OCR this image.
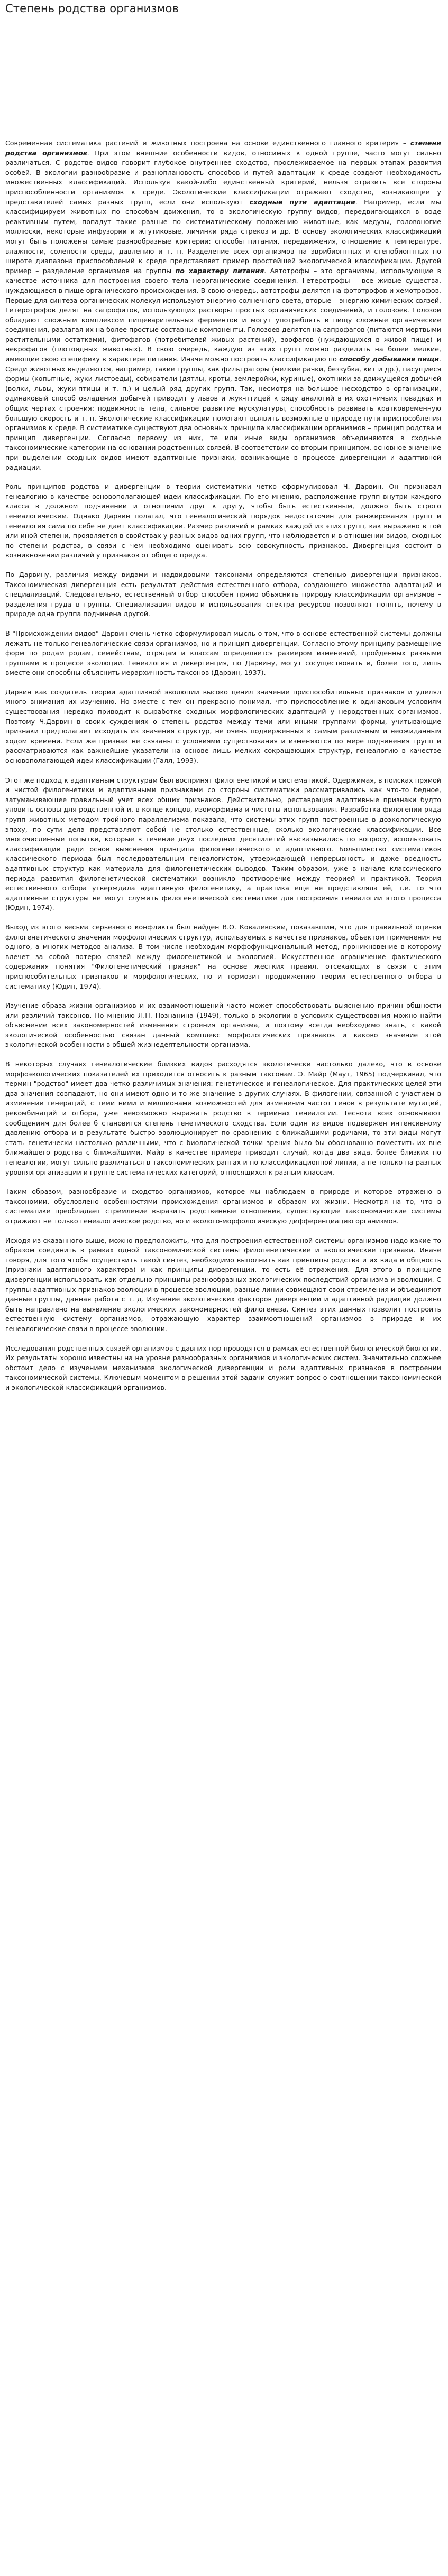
Степень родства организмов

Современная систематика растений и животных построена на основе единственного главного критерия – степени родства организмов. При этом внешние особенности видов, относимых к одной группе, часто могут сильно различаться. С родстве видов говорит глубокое внутреннее сходство, прослеживаемое на первых этапах развития особей. В экологии разнообразие и разноплановость способов и путей адаптации к среде создают необходимость множественных классификаций. Используя какой-либо единственный критерий, нельзя отразить все стороны приспособленности организмов к среде. Экологические классификации отражают сходство, возникающее у представителей самых разных групп, если они используют сходные пути адаптации. Например, если мы классифицируем животных по способам движения, то в экологическую группу видов, передвигающихся в воде реактивным путем, попадут такие разные по систематическому положению животные, как медузы, головоногие моллюски, некоторые инфузории и жгутиковые, личинки ряда стрекоз и др. В основу экологических классификаций могут быть положены самые разнообразные критерии: способы питания, передвижения, отношение к температуре, влажности, солености среды, давлению и т. п. Разделение всех организмов на эврибионтных и стенобионтных по широте диапазона приспособлений к среде представляет пример простейшей экологической классификации. Другой пример – разделение организмов на группы по характеру питания. Автотрофы – это организмы, использующие в качестве источника для построения своего тела неорганические соединения. Гетеротрофы – все живые существа, нуждающиеся в пище органического происхождения. В свою очередь, автотрофы делятся на фототрофов и хемотрофов. Первые для синтеза органических молекул используют энергию солнечного света, вторые – энергию химических связей. Гетеротрофов делят на сапрофитов, использующих растворы простых органических соединений, и голозоев. Голозои обладают сложным комплексом пищеварительных ферментов и могут употреблять в пищу сложные органические соединения, разлагая их на более простые составные компоненты. Голозоев делятся на сапрофагов (питаются мертвыми растительными остатками), фитофагов (потребителей живых растений), зоофагов (нуждающихся в живой пище) и некрофагов (плотоядных животных). В свою очередь, каждую из этих групп можно разделить на более мелкие, имеющие свою специфику в характере питания. Иначе можно построить классификацию по способу добывания пищи. Среди животных выделяются, например, такие группы, как фильтраторы (мелкие рачки, беззубка, кит и др.), пасущиеся формы (копытные, жуки-листоеды), собиратели (дятлы, кроты, землеройки, куриные), охотники за движущейся добычей (волки, львы, жуки-птицы и т. п.) и целый ряд других групп. Так, несмотря на большое несходство в организации, одинаковый способ овладения добычей приводит у львов и жук-птицей к ряду аналогий в их охотничьих повадках и общих чертах строения: подвижность тела, сильное развитие мускулатуры, способность развивать кратковременную большую скорость и т. п. Экологические классификации помогают выявить возможные в природе пути приспособления организмов к среде. В систематике существуют два основных принципа классификации организмов – принцип родства и принцип дивергенции. Согласно первому из них, те или иные виды организмов объединяются в сходные таксономические категории на основании родственных связей. В соответствии со вторым принципом, основное значение при выделении сходных видов имеют адаптивные признаки, возникающие в процессе дивергенции и адаптивной радиации.

Роль принципов родства и дивергенции в теории систематики четко сформулировал Ч. Дарвин. Он признавал генеалогию в качестве основополагающей идеи классификации. По его мнению, расположение групп внутри каждого класса в должном подчинении и отношении друг к другу, чтобы быть естественным, должно быть строго генеалогическим. Однако Дарвин полагал, что генеалогический порядок недостаточен для ранжирования групп и генеалогия сама по себе не дает классификации. Размер различий в рамках каждой из этих групп, как выражено в той или иной степени, проявляется в свойствах у разных видов одних групп, что наблюдается и в отношении видов, сходных по степени родства, в связи с чем необходимо оценивать всю совокупность признаков. Дивергенция состоит в возникновении различий у признаков от общего предка.

По Дарвину, различия между видами и надвидовыми таксонами определяются степенью дивергенции признаков. Таксономическая дивергенция есть результат действия естественного отбора, создающего множество адаптаций и специализаций. Следовательно, естественный отбор способен прямо объяснить природу классификации организмов – разделения груда в группы. Специализация видов и использования спектра ресурсов позволяют понять, почему в природе одна группа подчинена другой.

В "Происхождении видов" Дарвин очень четко сформулировал мысль о том, что в основе естественной системы должны лежать не только генеалогические связи организмов, но и принцип дивергенции. Согласно этому принципу размещение форм по родам родам, семействам, отрядам и классам определяется размером изменений, пройденных разными группами в процессе эволюции. Генеалогия и дивергенция, по Дарвину, могут сосуществовать и, более того, лишь вместе они способны объяснить иерархичность таксонов (Дарвин, 1937).

Дарвин как создатель теории адаптивной эволюции высоко ценил значение приспособительных признаков и уделял много внимания их изучению. Но вместе с тем он прекрасно понимал, что приспособление к одинаковым условиям существования нередко приводит к выработке сходных морфологических адаптаций у неродственных организмов. Поэтому Ч.Дарвин в своих суждениях о степень родства между теми или иными группами формы, учитывающие признаки предполагает исходить из значения структур, не очень подверженных к самым различным и неожиданным ходом времени. Если же признак не связаны с условиями существования и изменяются по мере подчинения групп и рассматриваются как важнейшие указатели на основе лишь мелких сокращающих структур, генеалогию в качестве основополагающей идеи классификации (Галл, 1993).

Этот же подход к адаптивным структурам был воспринят филогенетикой и систематикой. Одержимая, в поисках прямой и чистой филогенетики и адаптивными признаками со стороны систематики рассматривались как что-то бедное, затуманивающее правильный учет всех общих признаков. Действительно, реставрация адаптивные признаки будто уловить основы для родственной и, в конце концов, изоморфизма и чистоты использования. Разработка филогении ряда групп животных методом тройного параллелизма показала, что системы этих групп построенные в доэкологическую эпоху, по сути дела представляют собой не столько естественные, сколько экологические классификации. Все многочисленные попытки, которые в течение двух последних десятилетий высказывались по вопросу, использовать классификации ради основ выяснения принципа филогенетического и адаптивного. Большинство систематиков классического периода был последовательным генеалогистом, утверждающей непрерывность и даже вредность адаптивных структур как материала для филогенетических выводов. Таким образом, уже в начале классического периода развития филогенетической систематики возникло противоречие между теорией и практикой. Теория естественного отбора утверждала адаптивную филогенетику, а практика еще не представляла её, т.е. то что адаптивные структуры не могут служить филогенетической систематике для построения генеалогии этого процесса (Юдин, 1974).

Выход из этого весьма серьезного конфликта был найден В.О. Ковалевским, показавшим, что для правильной оценки филогенетического значения морфологических структур, используемых в качестве признаков, объектом применения не одного, а многих методов анализа. В том числе необходим морфофункциональный метод, проникновение в которому влечет за собой потерю связей между филогенетикой и экологией. Искусственное ограничение фактического содержания понятия "Филогенетический признак" на основе жестких правил, отсекающих в связи с этим приспособительных признаков и морфологических, но и тормозит продвижению теории естественного отбора в систематику (Юдин, 1974).

Изучение образа жизни организмов и их взаимоотношений часто может способствовать выяснению причин общности или различий таксонов. По мнению Л.П. Познанина (1949), только в экологии в условиях существования можно найти объяснение всех закономерностей изменения строения организма, и поэтому всегда необходимо знать, с какой экологической особенностью связан данный комплекс морфологических признаков и каково значение этой экологической особенности в общей жизнедеятельности организма.

В некоторых случаях генеалогические близких видов расходятся экологически настолько далеко, что в основе морфоэкологических показателей их приходится относить к разным таксонам. Э. Майр (Мaут, 1965) подчеркивал, что термин "родство" имеет два четко различимых значения: генетическое и генеалогическое. Для практических целей эти два значения совпадают, но они имеют одно и то же значение в других случаях. В филогении, связанной с участием в изменении генераций, с теми ними и миллионами возможностей для изменения частот генов в результате мутаций, рекомбинаций и отбора, уже невозможно выражать родство в терминах генеалогии. Теснота всех основывают сообщениям для более б становится степень генетического сходства. Если один из видов подвержен интенсивному давлению отбора и в результате быстро эволюционирует по сравнению с ближайшими родичами, то эти виды могут стать генетически настолько различными, что с биологической точки зрения было бы обоснованно поместить их вне ближайшего родства с ближайшими. Майр в качестве примера приводит случай, когда два вида, более близких по генеалогии, могут сильно различаться в таксономических рангах и по классификационной линии, а не только на разных уровнях организации и группе систематических категорий, относящихся к разным классам.

Таким образом, разнообразие и сходство организмов, которое мы наблюдаем в природе и которое отражено в таксономии, обусловлено особенностями происхождения организмов и образом их жизни. Несмотря на то, что в систематике преобладает стремление выразить родственные отношения, существующие таксономические системы отражают не только генеалогическое родство, но и эколого-морфологическую дифференциацию организмов.

Исходя из сказанного выше, можно предположить, что для построения естественной системы организмов надо какие-то образом соединить в рамках одной таксономической системы филогенетические и экологические признаки. Иначе говоря, для того чтобы осуществить такой синтез, необходимо выполнить как принципы родства и их вида и общность (признаки адаптивного характера) и как принципы дивергенции, то есть её отражения. Для этого в принципе дивергенции использовать как отдельно принципы разнообразных экологических последствий организма и эволюции. С группы адаптивных признаков эволюции в процессе эволюции, разные линии совмещают свои стремления и объединяют данные группы, данная работа с т. д. Изучение экологических факторов дивергенции и адаптивной радиации должно быть направлено на выявление экологических закономерностей филогенеза. Синтез этих данных позволит построить естественную систему организмов, отражающую характер взаимоотношений организмов в природе и их генеалогические связи в процессе эволюции.

Исследования родственных связей организмов с давних пор проводятся в рамках естественной биологической биологии. Их результаты хорошо известны на на уровне разнообразных организмов и экологических систем. Значительно сложнее обстоит дело с изучением механизмов экологической дивергенции и роли адаптивных признаков в построении таксономической системы. Ключевым моментом в решении этой задачи служит вопрос о соотношении таксономической и экологической классификаций организмов.
